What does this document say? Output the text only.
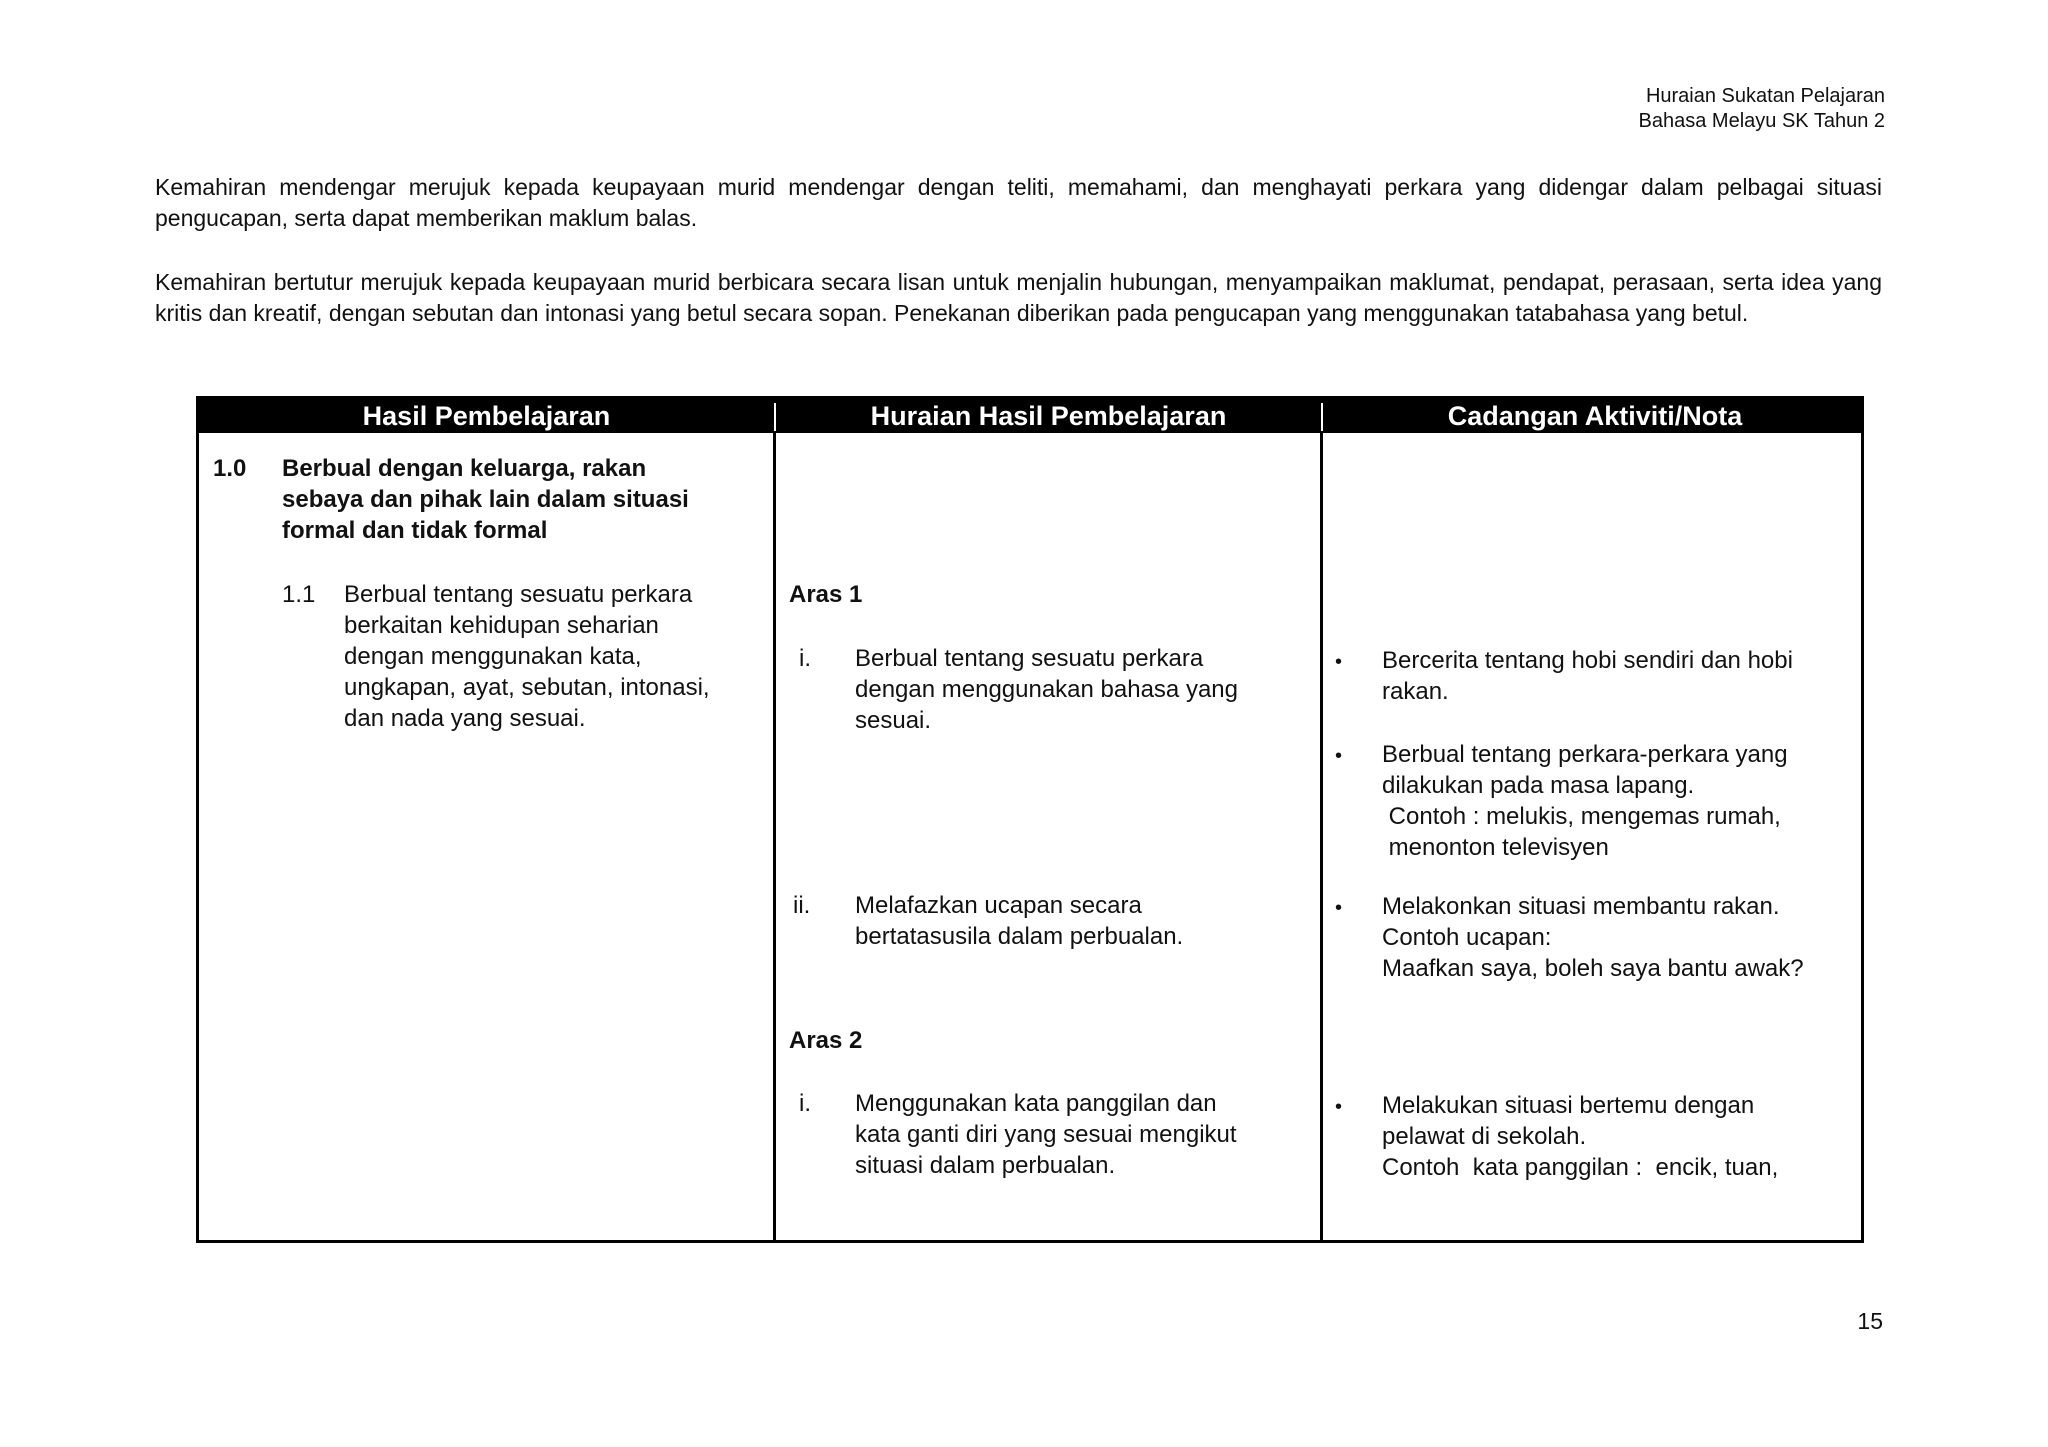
Huraian Sukatan Pelajaran
Bahasa Melayu SK Tahun 2
Kemahiran mendengar merujuk kepada keupayaan murid mendengar dengan teliti, memahami, dan menghayati perkara yang didengar dalam pelbagai situasi pengucapan, serta dapat memberikan maklum balas.
Kemahiran bertutur merujuk kepada keupayaan murid berbicara secara lisan untuk menjalin hubungan, menyampaikan maklumat, pendapat, perasaan, serta idea yang kritis dan kreatif, dengan sebutan dan intonasi yang betul secara sopan. Penekanan diberikan pada pengucapan yang menggunakan tatabahasa yang betul.
Hasil Pembelajaran	Huraian Hasil Pembelajaran	Cadangan Aktiviti/Nota
1.0 Berbual dengan keluarga, rakan
sebaya dan pihak lain dalam situasi
formal dan tidak formal
1.1 Berbual tentang sesuatu perkara
berkaitan kehidupan seharian
dengan menggunakan kata,
ungkapan, ayat, sebutan, intonasi,
dan nada yang sesuai.
Aras 1
i. Berbual tentang sesuatu perkara
dengan menggunakan bahasa yang
sesuai.
ii. Melafazkan ucapan secara
bertatasusila dalam perbualan.
Aras 2
i. Menggunakan kata panggilan dan
kata ganti diri yang sesuai mengikut
situasi dalam perbualan.
• Bercerita tentang hobi sendiri dan hobi
rakan.
• Berbual tentang perkara-perkara yang
dilakukan pada masa lapang.
Contoh : melukis, mengemas rumah,
menonton televisyen
• Melakonkan situasi membantu rakan.
Contoh ucapan:
Maafkan saya, boleh saya bantu awak?
• Melakukan situasi bertemu dengan
pelawat di sekolah.
Contoh  kata panggilan :  encik, tuan,
15
